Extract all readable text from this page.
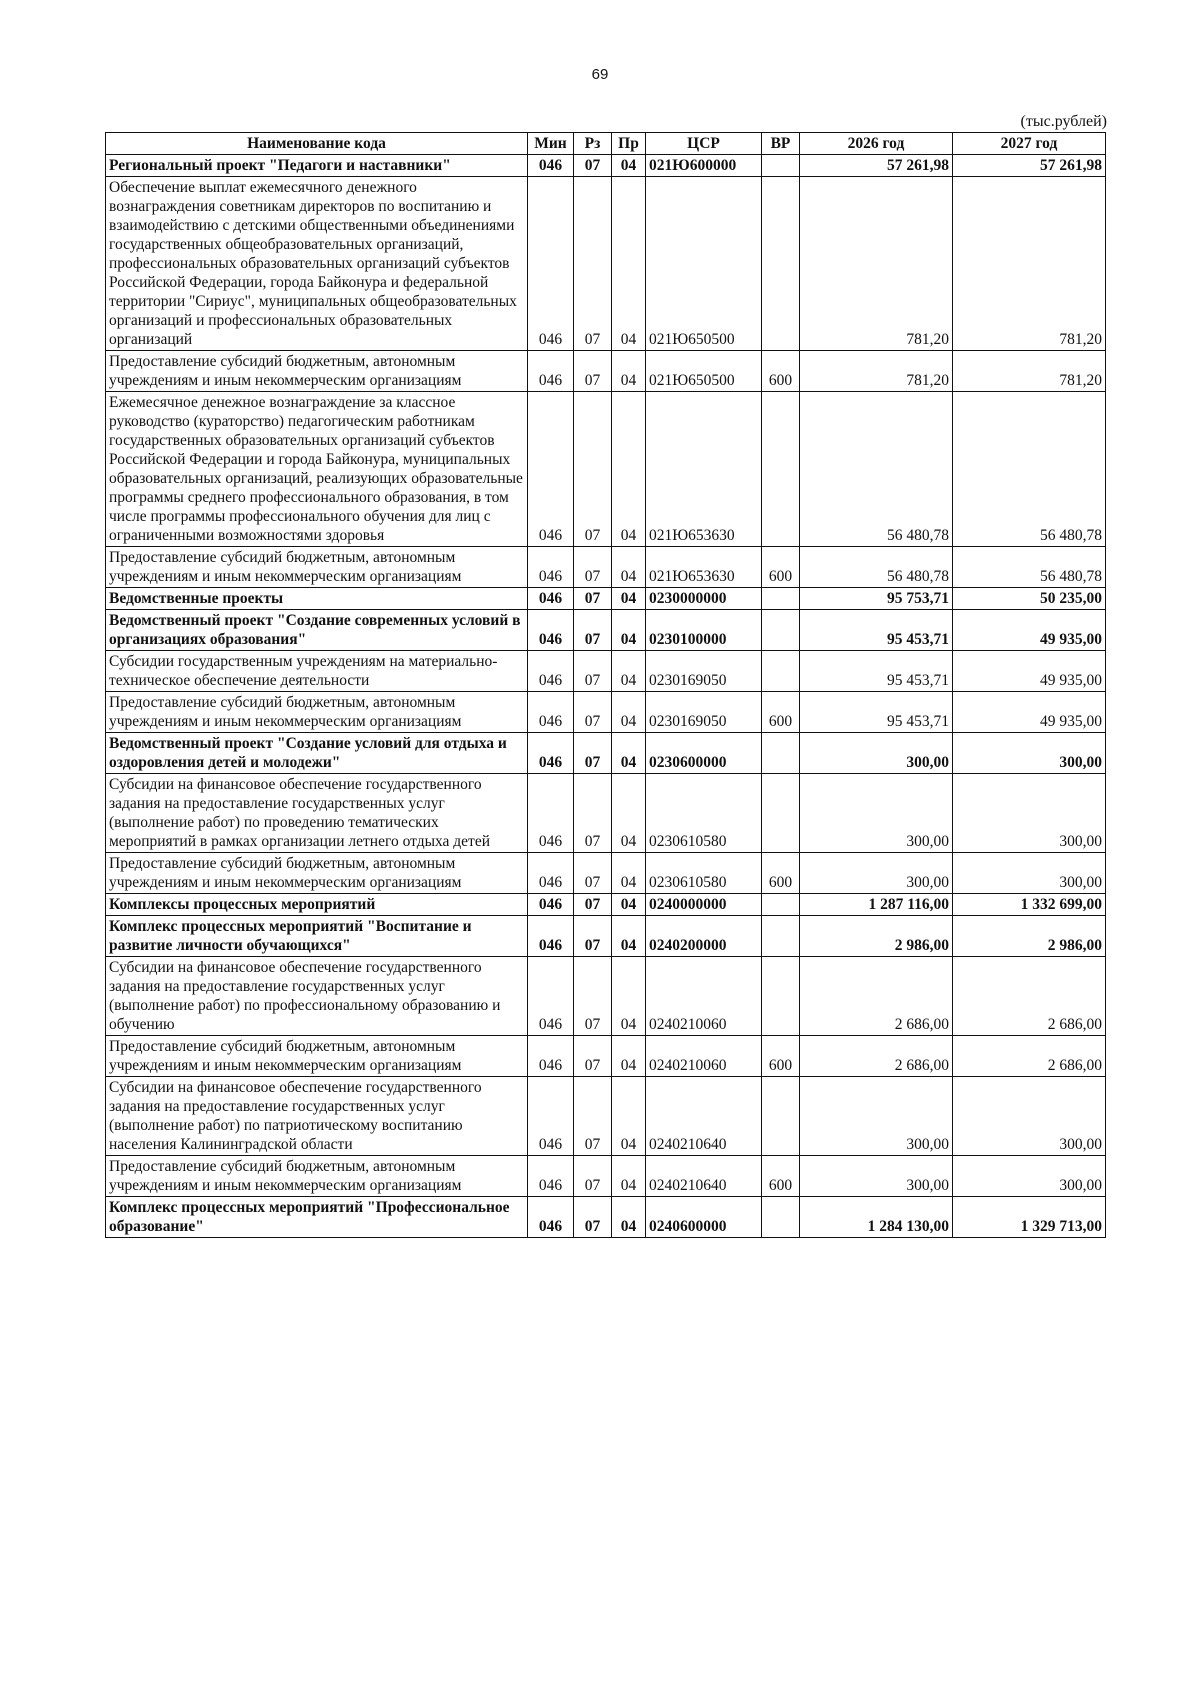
69
(тыс.рублей)
Наименование кода	Мин	Рз	Пр	ЦСР	ВР	2026 год	2027 год
Региональный проект "Педагоги и наставники"	046	07	04	021Ю600000		57 261,98	57 261,98
Обеспечение выплат ежемесячного денежного вознаграждения советникам директоров по воспитанию и взаимодействию с детскими общественными объединениями государственных общеобразовательных организаций, профессиональных образовательных организаций субъектов Российской Федерации, города Байконура и федеральной территории "Сириус", муниципальных общеобразовательных организаций и профессиональных образовательных организаций	046	07	04	021Ю650500		781,20	781,20
Предоставление субсидий бюджетным, автономным учреждениям и иным некоммерческим организациям	046	07	04	021Ю650500	600	781,20	781,20
Ежемесячное денежное вознаграждение за классное руководство (кураторство) педагогическим работникам государственных образовательных организаций субъектов Российской Федерации и города Байконура, муниципальных образовательных организаций, реализующих образовательные программы среднего профессионального образования, в том числе программы профессионального обучения для лиц с ограниченными возможностями здоровья	046	07	04	021Ю653630		56 480,78	56 480,78
Предоставление субсидий бюджетным, автономным учреждениям и иным некоммерческим организациям	046	07	04	021Ю653630	600	56 480,78	56 480,78
Ведомственные проекты	046	07	04	0230000000		95 753,71	50 235,00
Ведомственный проект "Создание современных условий в организациях образования"	046	07	04	0230100000		95 453,71	49 935,00
Субсидии государственным учреждениям на материально-техническое обеспечение деятельности	046	07	04	0230169050		95 453,71	49 935,00
Предоставление субсидий бюджетным, автономным учреждениям и иным некоммерческим организациям	046	07	04	0230169050	600	95 453,71	49 935,00
Ведомственный проект "Создание условий для отдыха и оздоровления детей и молодежи"	046	07	04	0230600000		300,00	300,00
Субсидии на финансовое обеспечение государственного задания на предоставление государственных услуг (выполнение работ) по проведению тематических мероприятий в рамках организации летнего отдыха детей	046	07	04	0230610580		300,00	300,00
Предоставление субсидий бюджетным, автономным учреждениям и иным некоммерческим организациям	046	07	04	0230610580	600	300,00	300,00
Комплексы процессных мероприятий	046	07	04	0240000000		1 287 116,00	1 332 699,00
Комплекс процессных мероприятий "Воспитание и развитие личности обучающихся"	046	07	04	0240200000		2 986,00	2 986,00
Субсидии на финансовое обеспечение государственного задания на предоставление государственных услуг (выполнение работ) по профессиональному образованию и обучению	046	07	04	0240210060		2 686,00	2 686,00
Предоставление субсидий бюджетным, автономным учреждениям и иным некоммерческим организациям	046	07	04	0240210060	600	2 686,00	2 686,00
Субсидии на финансовое обеспечение государственного задания на предоставление государственных услуг (выполнение работ) по патриотическому воспитанию населения Калининградской области	046	07	04	0240210640		300,00	300,00
Предоставление субсидий бюджетным, автономным учреждениям и иным некоммерческим организациям	046	07	04	0240210640	600	300,00	300,00
Комплекс процессных мероприятий "Профессиональное образование"	046	07	04	0240600000		1 284 130,00	1 329 713,00
